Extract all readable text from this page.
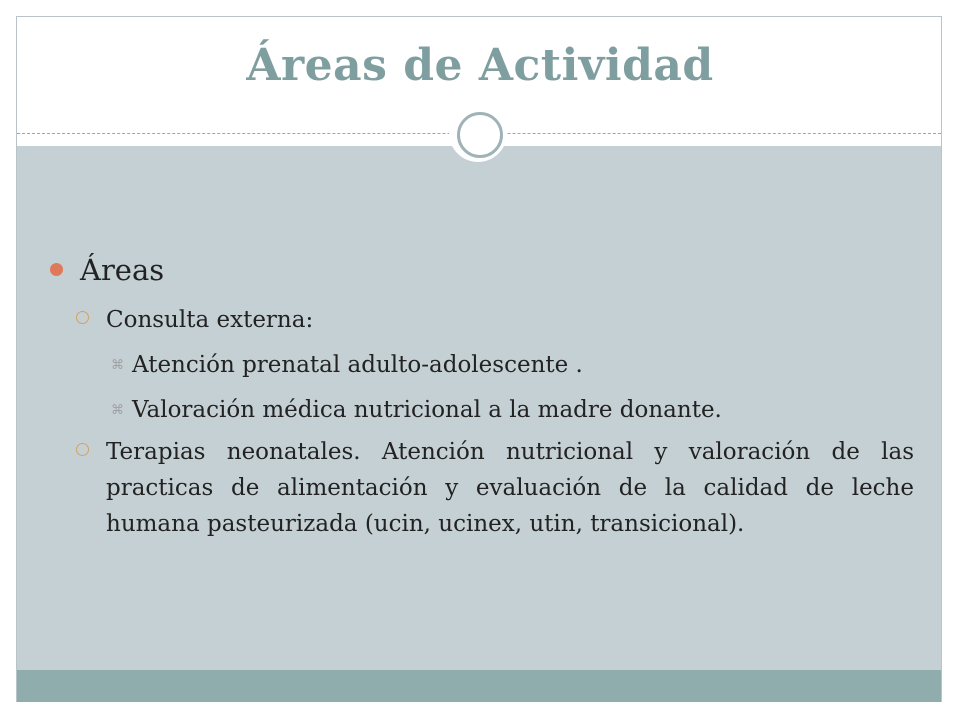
Áreas de Actividad
Áreas
Consulta externa:
⌘ Atención prenatal adulto-adolescente .
⌘ Valoración médica nutricional a la madre donante.
Terapias neonatales. Atención nutricional y valoración de las practicas de alimentación y evaluación de la calidad de leche humana pasteurizada (ucin, ucinex, utin, transicional).
